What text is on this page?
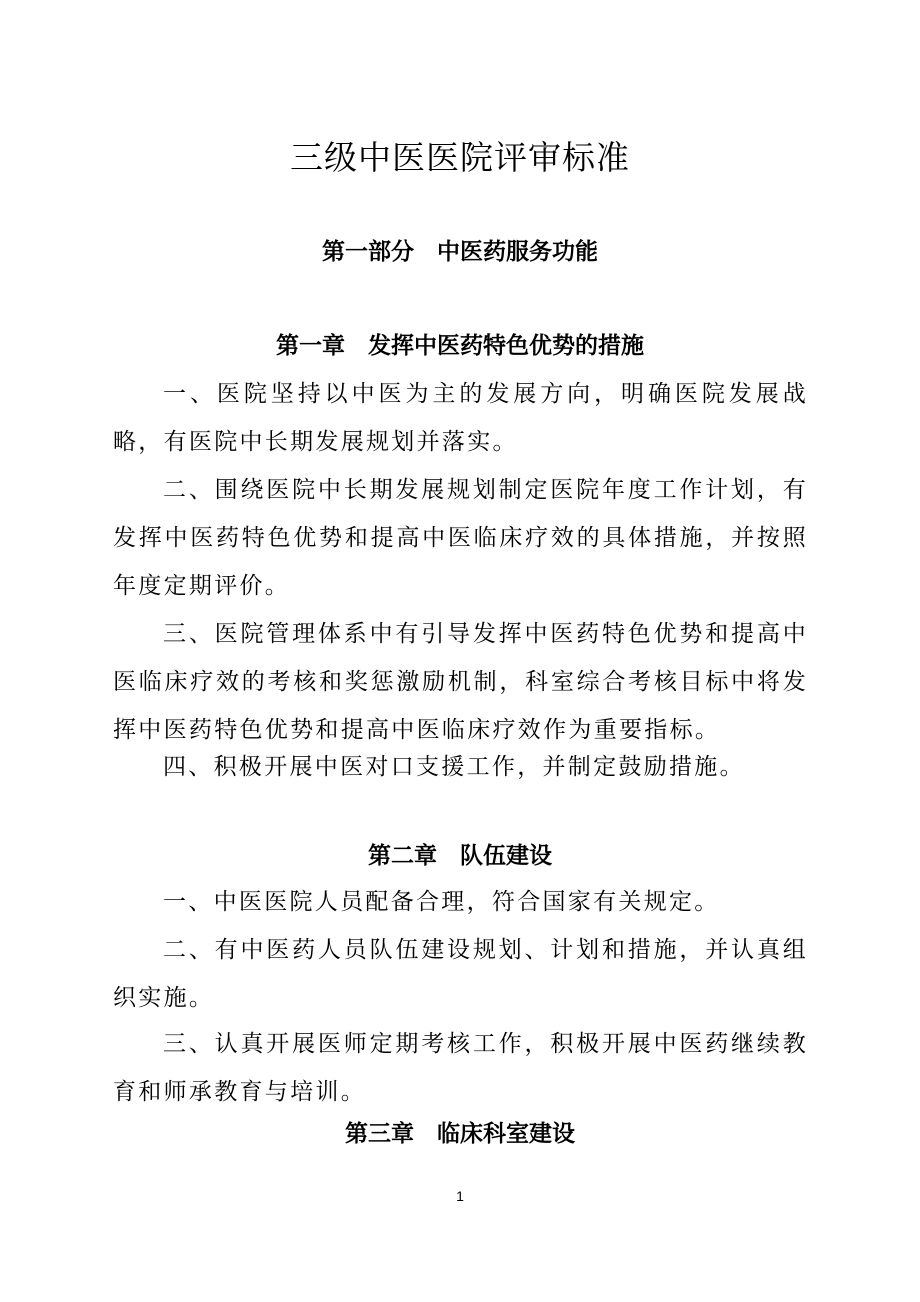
三级中医医院评审标准
第一部分　中医药服务功能
第一章　发挥中医药特色优势的措施
一、医院坚持以中医为主的发展方向，明确医院发展战略，有医院中长期发展规划并落实。
二、围绕医院中长期发展规划制定医院年度工作计划，有发挥中医药特色优势和提高中医临床疗效的具体措施，并按照年度定期评价。
三、医院管理体系中有引导发挥中医药特色优势和提高中医临床疗效的考核和奖惩激励机制，科室综合考核目标中将发挥中医药特色优势和提高中医临床疗效作为重要指标。
四、积极开展中医对口支援工作，并制定鼓励措施。
第二章　队伍建设
一、中医医院人员配备合理，符合国家有关规定。
二、有中医药人员队伍建设规划、计划和措施，并认真组织实施。
三、认真开展医师定期考核工作，积极开展中医药继续教育和师承教育与培训。
第三章　临床科室建设
1
